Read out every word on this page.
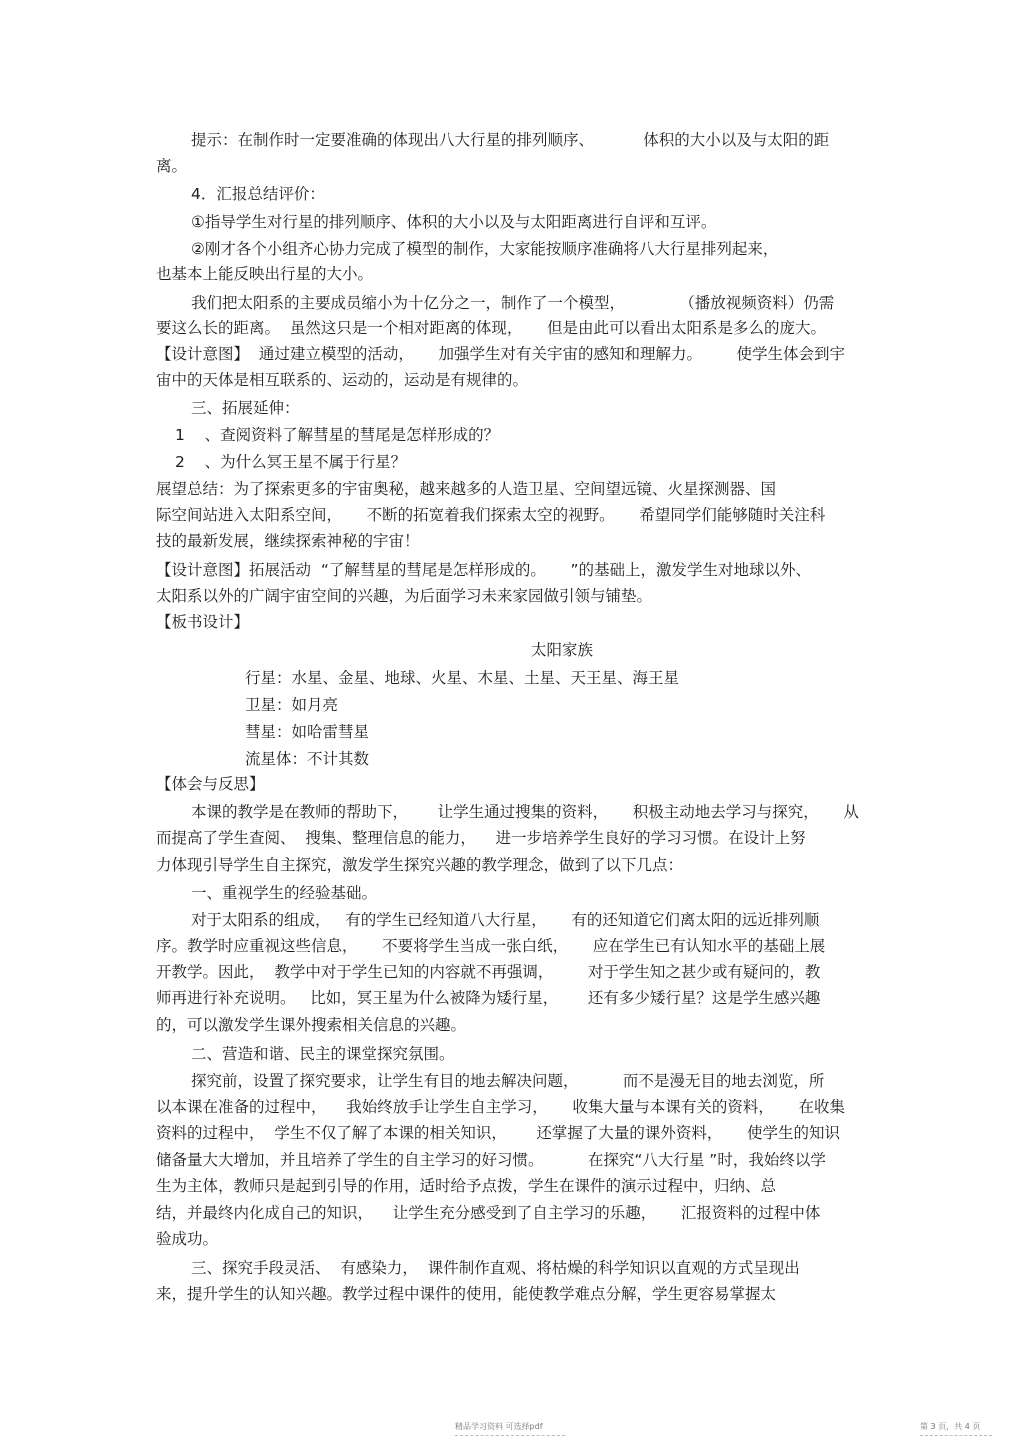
提示：在制作时一定要准确的体现出八大行星的排列顺序、          体积的大小以及与太阳的距
离。
4．汇报总结评价：
①指导学生对行星的排列顺序、体积的大小以及与太阳距离进行自评和互评。
②刚才各个小组齐心协力完成了模型的制作，大家能按顺序准确将八大行星排列起来，
也基本上能反映出行星的大小。
我们把太阳系的主要成员缩小为十亿分之一，制作了一个模型，           （播放视频资料）仍需
要这么长的距离。  虽然这只是一个相对距离的体现，     但是由此可以看出太阳系是多么的庞大。
【设计意图】  通过建立模型的活动，     加强学生对有关宇宙的感知和理解力。       使学生体会到宇
宙中的天体是相互联系的、运动的，运动是有规律的。
三、拓展延伸：
1    、查阅资料了解彗星的彗尾是怎样形成的？
2    、为什么冥王星不属于行星？
展望总结：为了探索更多的宇宙奥秘，越来越多的人造卫星、空间望远镜、火星探测器、国
际空间站进入太阳系空间，     不断的拓宽着我们探索太空的视野。     希望同学们能够随时关注科
技的最新发展，继续探索神秘的宇宙！
【设计意图】拓展活动  “了解彗星的彗尾是怎样形成的。     ”的基础上，激发学生对地球以外、
太阳系以外的广阔宇宙空间的兴趣，为后面学习未来家园做引领与铺垫。
【板书设计】
太阳家族
行星：水星、金星、地球、火星、木星、土星、天王星、海王星
卫星：如月亮
彗星：如哈雷彗星
流星体：不计其数
【体会与反思】
本课的教学是在教师的帮助下，      让学生通过搜集的资料，     积极主动地去学习与探究，     从
而提高了学生查阅、  搜集、整理信息的能力，    进一步培养学生良好的学习习惯。在设计上努
力体现引导学生自主探究，激发学生探究兴趣的教学理念，做到了以下几点：
一、重视学生的经验基础。
对于太阳系的组成，   有的学生已经知道八大行星，     有的还知道它们离太阳的远近排列顺
序。教学时应重视这些信息，     不要将学生当成一张白纸，     应在学生已有认知水平的基础上展
开教学。因此，  教学中对于学生已知的内容就不再强调，       对于学生知之甚少或有疑问的，教
师再进行补充说明。   比如，冥王星为什么被降为矮行星，      还有多少矮行星？这是学生感兴趣
的，可以激发学生课外搜索相关信息的兴趣。
二、营造和谐、民主的课堂探究氛围。
探究前，设置了探究要求，让学生有目的地去解决问题，         而不是漫无目的地去浏览，所
以本课在准备的过程中，    我始终放手让学生自主学习，     收集大量与本课有关的资料，     在收集
资料的过程中，  学生不仅了解了本课的相关知识，      还掌握了大量的课外资料，     使学生的知识
储备量大大增加，并且培养了学生的自主学习的好习惯。         在探究“八大行星 ”时，我始终以学
生为主体，教师只是起到引导的作用，适时给予点拨，学生在课件的演示过程中，归纳、总
结，并最终内化成自己的知识，    让学生充分感受到了自主学习的乐趣，     汇报资料的过程中体
验成功。
三、探究手段灵活、  有感染力，  课件制作直观、将枯燥的科学知识以直观的方式呈现出
来，提升学生的认知兴趣。教学过程中课件的使用，能使教学难点分解，学生更容易掌握太
精品学习资料 可选择pdf	第 3 页，共 4 页
